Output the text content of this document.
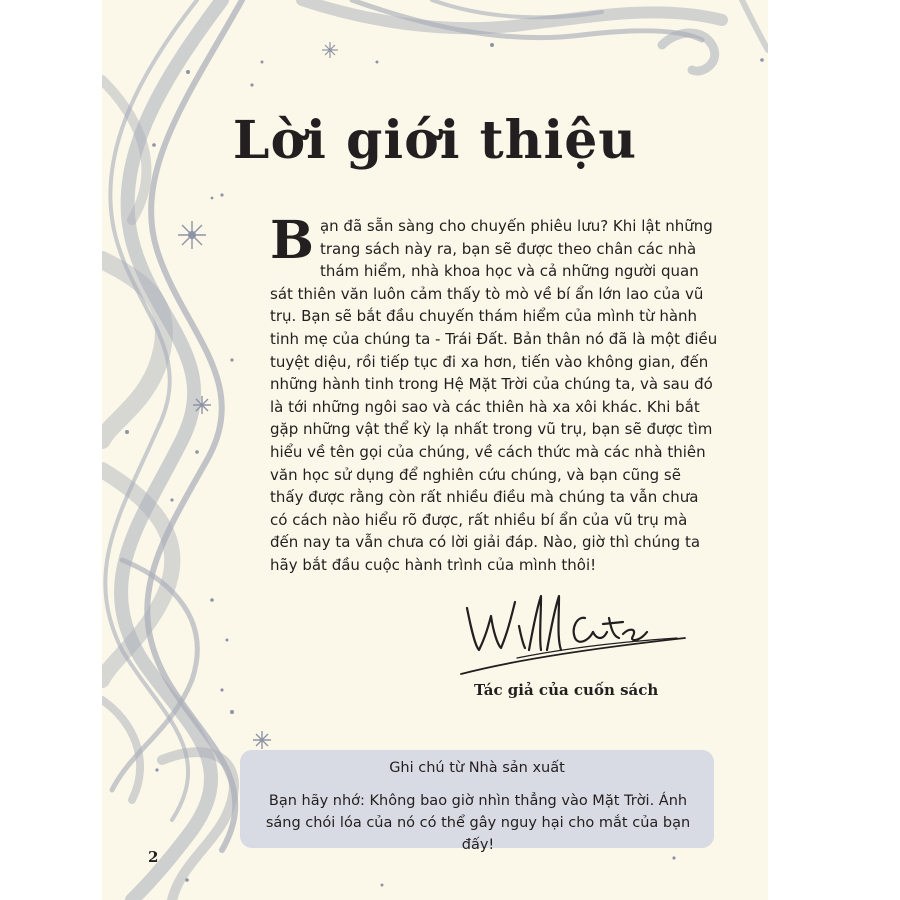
Lời giới thiệu

Bạn đã sẵn sàng cho chuyến phiêu lưu? Khi lật những trang sách này ra, bạn sẽ được theo chân các nhà thám hiểm, nhà khoa học và cả những người quan sát thiên văn luôn cảm thấy tò mò về bí ẩn lớn lao của vũ trụ. Bạn sẽ bắt đầu chuyến thám hiểm của mình từ hành tinh mẹ của chúng ta - Trái Đất. Bản thân nó đã là một điều tuyệt diệu, rồi tiếp tục đi xa hơn, tiến vào không gian, đến những hành tinh trong Hệ Mặt Trời của chúng ta, và sau đó là tới những ngôi sao và các thiên hà xa xôi khác. Khi bắt gặp những vật thể kỳ lạ nhất trong vũ trụ, bạn sẽ được tìm hiểu về tên gọi của chúng, về cách thức mà các nhà thiên văn học sử dụng để nghiên cứu chúng, và bạn cũng sẽ thấy được rằng còn rất nhiều điều mà chúng ta vẫn chưa có cách nào hiểu rõ được, rất nhiều bí ẩn của vũ trụ mà đến nay ta vẫn chưa có lời giải đáp. Nào, giờ thì chúng ta hãy bắt đầu cuộc hành trình của mình thôi!

Tác giả của cuốn sách
Ghi chú từ Nhà sản xuất
Bạn hãy nhớ: Không bao giờ nhìn thẳng vào Mặt Trời. Ánh sáng chói lóa của nó có thể gây nguy hại cho mắt của bạn đấy!
2
